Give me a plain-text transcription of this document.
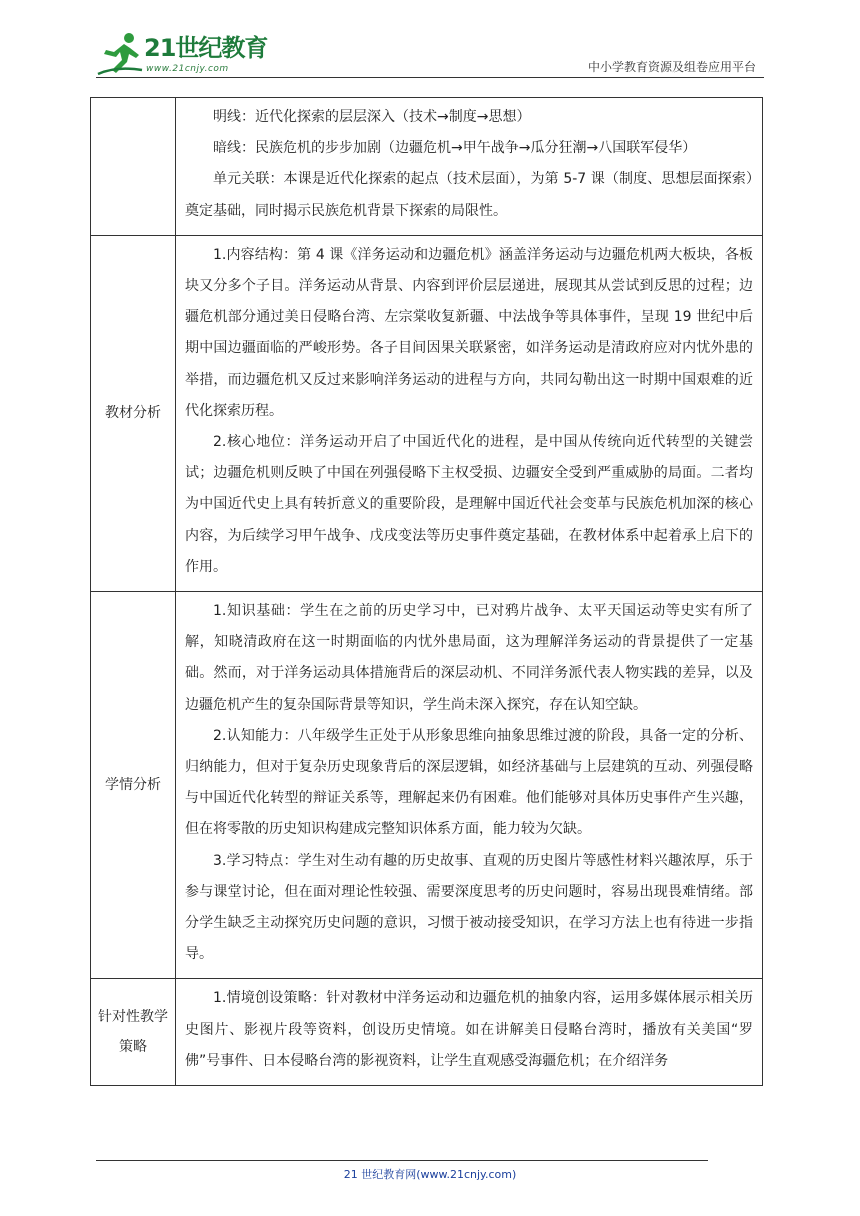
21世纪教育
www.21cnjy.com	中小学教育资源及组卷应用平台

	明线：近代化探索的层层深入（技术→制度→思想）

暗线：民族危机的步步加剧（边疆危机→甲午战争→瓜分狂潮→八国联军侵华）

单元关联：本课是近代化探索的起点（技术层面），为第 5-7 课（制度、思想层面探索）奠定基础，同时揭示民族危机背景下探索的局限性。

教材分析	1.内容结构：第 4 课《洋务运动和边疆危机》涵盖洋务运动与边疆危机两大板块，各板块又分多个子目。洋务运动从背景、内容到评价层层递进，展现其从尝试到反思的过程；边疆危机部分通过美日侵略台湾、左宗棠收复新疆、中法战争等具体事件，呈现 19 世纪中后期中国边疆面临的严峻形势。各子目间因果关联紧密，如洋务运动是清政府应对内忧外患的举措，而边疆危机又反过来影响洋务运动的进程与方向，共同勾勒出这一时期中国艰难的近代化探索历程。

2.核心地位：洋务运动开启了中国近代化的进程，是中国从传统向近代转型的关键尝试；边疆危机则反映了中国在列强侵略下主权受损、边疆安全受到严重威胁的局面。二者均为中国近代史上具有转折意义的重要阶段，是理解中国近代社会变革与民族危机加深的核心内容，为后续学习甲午战争、戊戌变法等历史事件奠定基础，在教材体系中起着承上启下的作用。

学情分析	1.知识基础：学生在之前的历史学习中，已对鸦片战争、太平天国运动等史实有所了解，知晓清政府在这一时期面临的内忧外患局面，这为理解洋务运动的背景提供了一定基础。然而，对于洋务运动具体措施背后的深层动机、不同洋务派代表人物实践的差异，以及边疆危机产生的复杂国际背景等知识，学生尚未深入探究，存在认知空缺。

2.认知能力：八年级学生正处于从形象思维向抽象思维过渡的阶段，具备一定的分析、归纳能力，但对于复杂历史现象背后的深层逻辑，如经济基础与上层建筑的互动、列强侵略与中国近代化转型的辩证关系等，理解起来仍有困难。他们能够对具体历史事件产生兴趣，但在将零散的历史知识构建成完整知识体系方面，能力较为欠缺。

3.学习特点：学生对生动有趣的历史故事、直观的历史图片等感性材料兴趣浓厚，乐于参与课堂讨论，但在面对理论性较强、需要深度思考的历史问题时，容易出现畏难情绪。部分学生缺乏主动探究历史问题的意识，习惯于被动接受知识，在学习方法上也有待进一步指导。

针对性教学策略	1.情境创设策略：针对教材中洋务运动和边疆危机的抽象内容，运用多媒体展示相关历史图片、影视片段等资料，创设历史情境。如在讲解美日侵略台湾时，播放有关美国“罗佛”号事件、日本侵略台湾的影视资料，让学生直观感受海疆危机；在介绍洋务

21 世纪教育网(www.21cnjy.com)
